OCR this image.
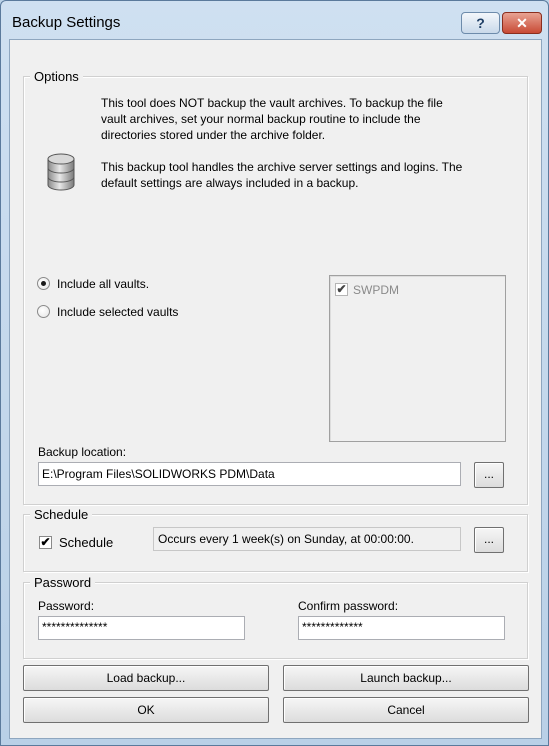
Backup Settings	?	✕
Options
This tool does NOT backup the vault archives. To backup the file
vault archives, set your normal backup routine to include the
directories stored under the archive folder.
This backup tool handles the archive server settings and logins. The
default settings are always included in a backup.
Include all vaults.
Include selected vaults
✔ SWPDM
Backup location:
E:\Program Files\SOLIDWORKS PDM\Data	...
Schedule
✔ Schedule	Occurs every 1 week(s) on Sunday, at 00:00:00.	...
Password
Password:
**************
Confirm password:
*************
Load backup...	Launch backup...
OK	Cancel
